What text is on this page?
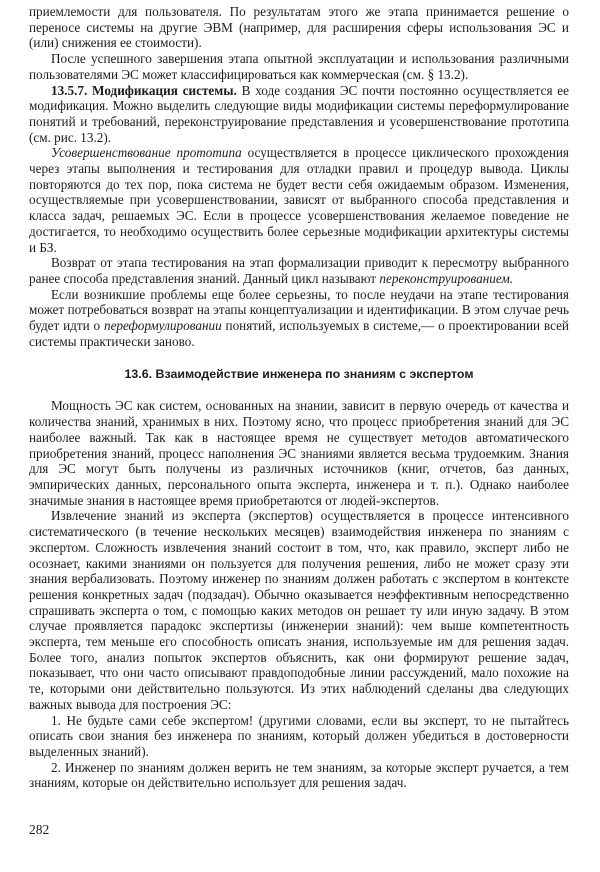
приемлемости для пользователя. По результатам этого же этапа принимается решение о переносе системы на другие ЭВМ (например, для расширения сферы использования ЭС и (или) снижения ее стоимости).

После успешного завершения этапа опытной эксплуатации и использования различными пользователями ЭС может классифицироваться как коммерческая (см. § 13.2).

13.5.7. Модификация системы. В ходе создания ЭС почти постоянно осуществляется ее модификация. Можно выделить следующие виды модификации системы переформулирование понятий и требований, переконструирование представления и усовершенствование прототипа (см. рис. 13.2).

Усовершенствование прототипа осуществляется в процессе циклического прохождения через этапы выполнения и тестирования для отладки правил и процедур вывода. Циклы повторяются до тех пор, пока система не будет вести себя ожидаемым образом. Изменения, осуществляемые при усовершенствовании, зависят от выбранного способа представления и класса задач, решаемых ЭС. Если в процессе усовершенствования желаемое поведение не достигается, то необходимо осуществить более серьезные модификации архитектуры системы и БЗ.

Возврат от этапа тестирования на этап формализации приводит к пересмотру выбранного ранее способа представления знаний. Данный цикл называют переконструированием.

Если возникшие проблемы еще более серьезны, то после неудачи на этапе тестирования может потребоваться возврат на этапы концептуализации и идентификации. В этом случае речь будет идти о переформулировании понятий, используемых в системе,— о проектировании всей системы практически заново.

13.6. Взаимодействие инженера по знаниям с экспертом

Мощность ЭС как систем, основанных на знании, зависит в первую очередь от качества и количества знаний, хранимых в них. Поэтому ясно, что процесс приобретения знаний для ЭС наиболее важный. Так как в настоящее время не существует методов автоматического приобретения знаний, процесс наполнения ЭС знаниями является весьма трудоемким. Знания для ЭС могут быть получены из различных источников (книг, отчетов, баз данных, эмпирических данных, персонального опыта эксперта, инженера и т. п.). Однако наиболее значимые знания в настоящее время приобретаются от людей-экспертов.

Извлечение знаний из эксперта (экспертов) осуществляется в процессе интенсивного систематического (в течение нескольких месяцев) взаимодействия инженера по знаниям с экспертом. Сложность извлечения знаний состоит в том, что, как правило, эксперт либо не осознает, какими знаниями он пользуется для получения решения, либо не может сразу эти знания вербализовать. Поэтому инженер по знаниям должен работать с экспертом в контексте решения конкретных задач (подзадач). Обычно оказывается неэффективным непосредственно спрашивать эксперта о том, с помощью каких методов он решает ту или иную задачу. В этом случае проявляется парадокс экспертизы (инженерии знаний): чем выше компетентность эксперта, тем меньше его способность описать знания, используемые им для решения задач. Более того, анализ попыток экспертов объяснить, как они формируют решение задач, показывает, что они часто описывают правдоподобные линии рассуждений, мало похожие на те, которыми они действительно пользуются. Из этих наблюдений сделаны два следующих важных вывода для построения ЭС:

1. Не будьте сами себе экспертом! (другими словами, если вы эксперт, то не пытайтесь описать свои знания без инженера по знаниям, который должен убедиться в достоверности выделенных знаний).
2. Инженер по знаниям должен верить не тем знаниям, за которые эксперт ручается, а тем знаниям, которые он действительно использует для решения задач.
282
